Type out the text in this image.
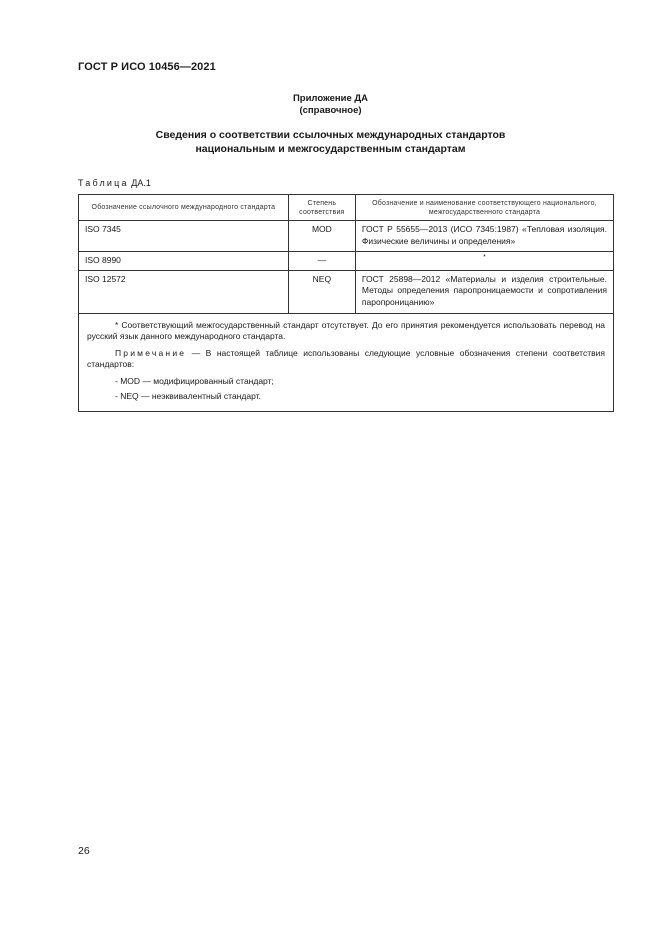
ГОСТ Р ИСО 10456—2021
Приложение ДА
(справочное)
Сведения о соответствии ссылочных международных стандартов
национальным и межгосударственным стандартам
Таблица ДА.1
Обозначение ссылочного международного стандарта	Степень соответствия	Обозначение и наименование соответствующего национального, межгосударственного стандарта
ISO 7345	MOD	ГОСТ Р 55655—2013 (ИСО 7345:1987) «Тепловая изоляция. Физические величины и определения»
ISO 8990	—	*

ISO 12572	NEQ	ГОСТ 25898—2012 «Материалы и изделия строительные. Методы определения паропроницаемости и сопротивления паропроницанию»

* Соответствующий межгосударственный стандарт отсутствует. До его принятия рекомендуется использовать перевод на русский язык данного международного стандарта.

Примечание — В настоящей таблице использованы следующие условные обозначения степени соответствия стандартов:

- MOD — модифицированный стандарт;
- NEQ — неэквивалентный стандарт.		
26
